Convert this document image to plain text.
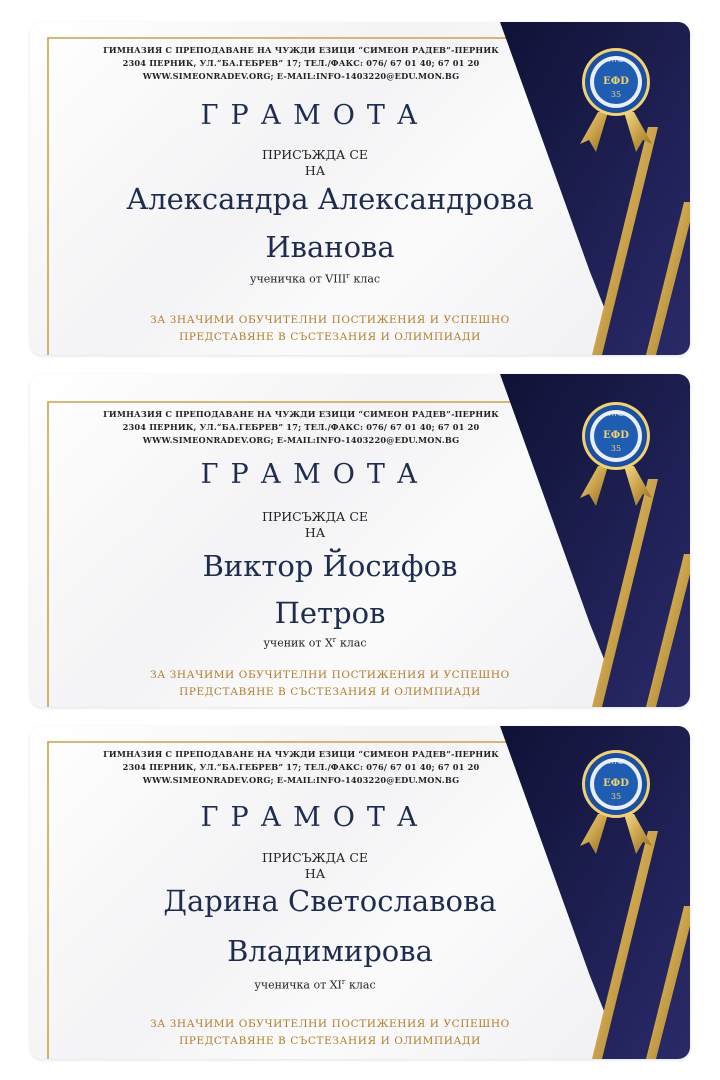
ГПЧЕ
ЕФD
35
ГИМНАЗИЯ С ПРЕПОДАВАНЕ НА ЧУЖДИ ЕЗИЦИ “СИМЕОН РАДЕВ”-ПЕРНИК
2304 ПЕРНИК, УЛ.“БА.ГЕБРЕВ” 17; ТЕЛ./ФАКС: 076/ 67 01 40; 67 01 20
WWW.SIMEONRADEV.ORG; E-MAIL:INFO-1403220@EDU.MON.BG
ГРАМОТА
ПРИСЪЖДА СЕ
НА
Александра Александрова
Иванова
ученичка от $VIII^г$ клас
ЗА ЗНАЧИМИ ОБУЧИТЕЛНИ ПОСТИЖЕНИЯ И УСПЕШНО
ПРЕДСТАВЯНЕ В СЪСТЕЗАНИЯ И ОЛИМПИАДИ
ГПЧЕ
ЕФD
35
ГИМНАЗИЯ С ПРЕПОДАВАНЕ НА ЧУЖДИ ЕЗИЦИ “СИМЕОН РАДЕВ”-ПЕРНИК
2304 ПЕРНИК, УЛ.“БА.ГЕБРЕВ” 17; ТЕЛ./ФАКС: 076/ 67 01 40; 67 01 20
WWW.SIMEONRADEV.ORG; E-MAIL:INFO-1403220@EDU.MON.BG
ГРАМОТА
ПРИСЪЖДА СЕ
НА
Виктор Йосифов
Петров
ученик от $X^г$ клас
ЗА ЗНАЧИМИ ОБУЧИТЕЛНИ ПОСТИЖЕНИЯ И УСПЕШНО
ПРЕДСТАВЯНЕ В СЪСТЕЗАНИЯ И ОЛИМПИАДИ
ГПЧЕ
ЕФD
35
ГИМНАЗИЯ С ПРЕПОДАВАНЕ НА ЧУЖДИ ЕЗИЦИ “СИМЕОН РАДЕВ”-ПЕРНИК
2304 ПЕРНИК, УЛ.“БА.ГЕБРЕВ” 17; ТЕЛ./ФАКС: 076/ 67 01 40; 67 01 20
WWW.SIMEONRADEV.ORG; E-MAIL:INFO-1403220@EDU.MON.BG
ГРАМОТА
ПРИСЪЖДА СЕ
НА
Дарина Светославова
Владимирова
ученичка от $XI^г$ клас
ЗА ЗНАЧИМИ ОБУЧИТЕЛНИ ПОСТИЖЕНИЯ И УСПЕШНО
ПРЕДСТАВЯНЕ В СЪСТЕЗАНИЯ И ОЛИМПИАДИ
